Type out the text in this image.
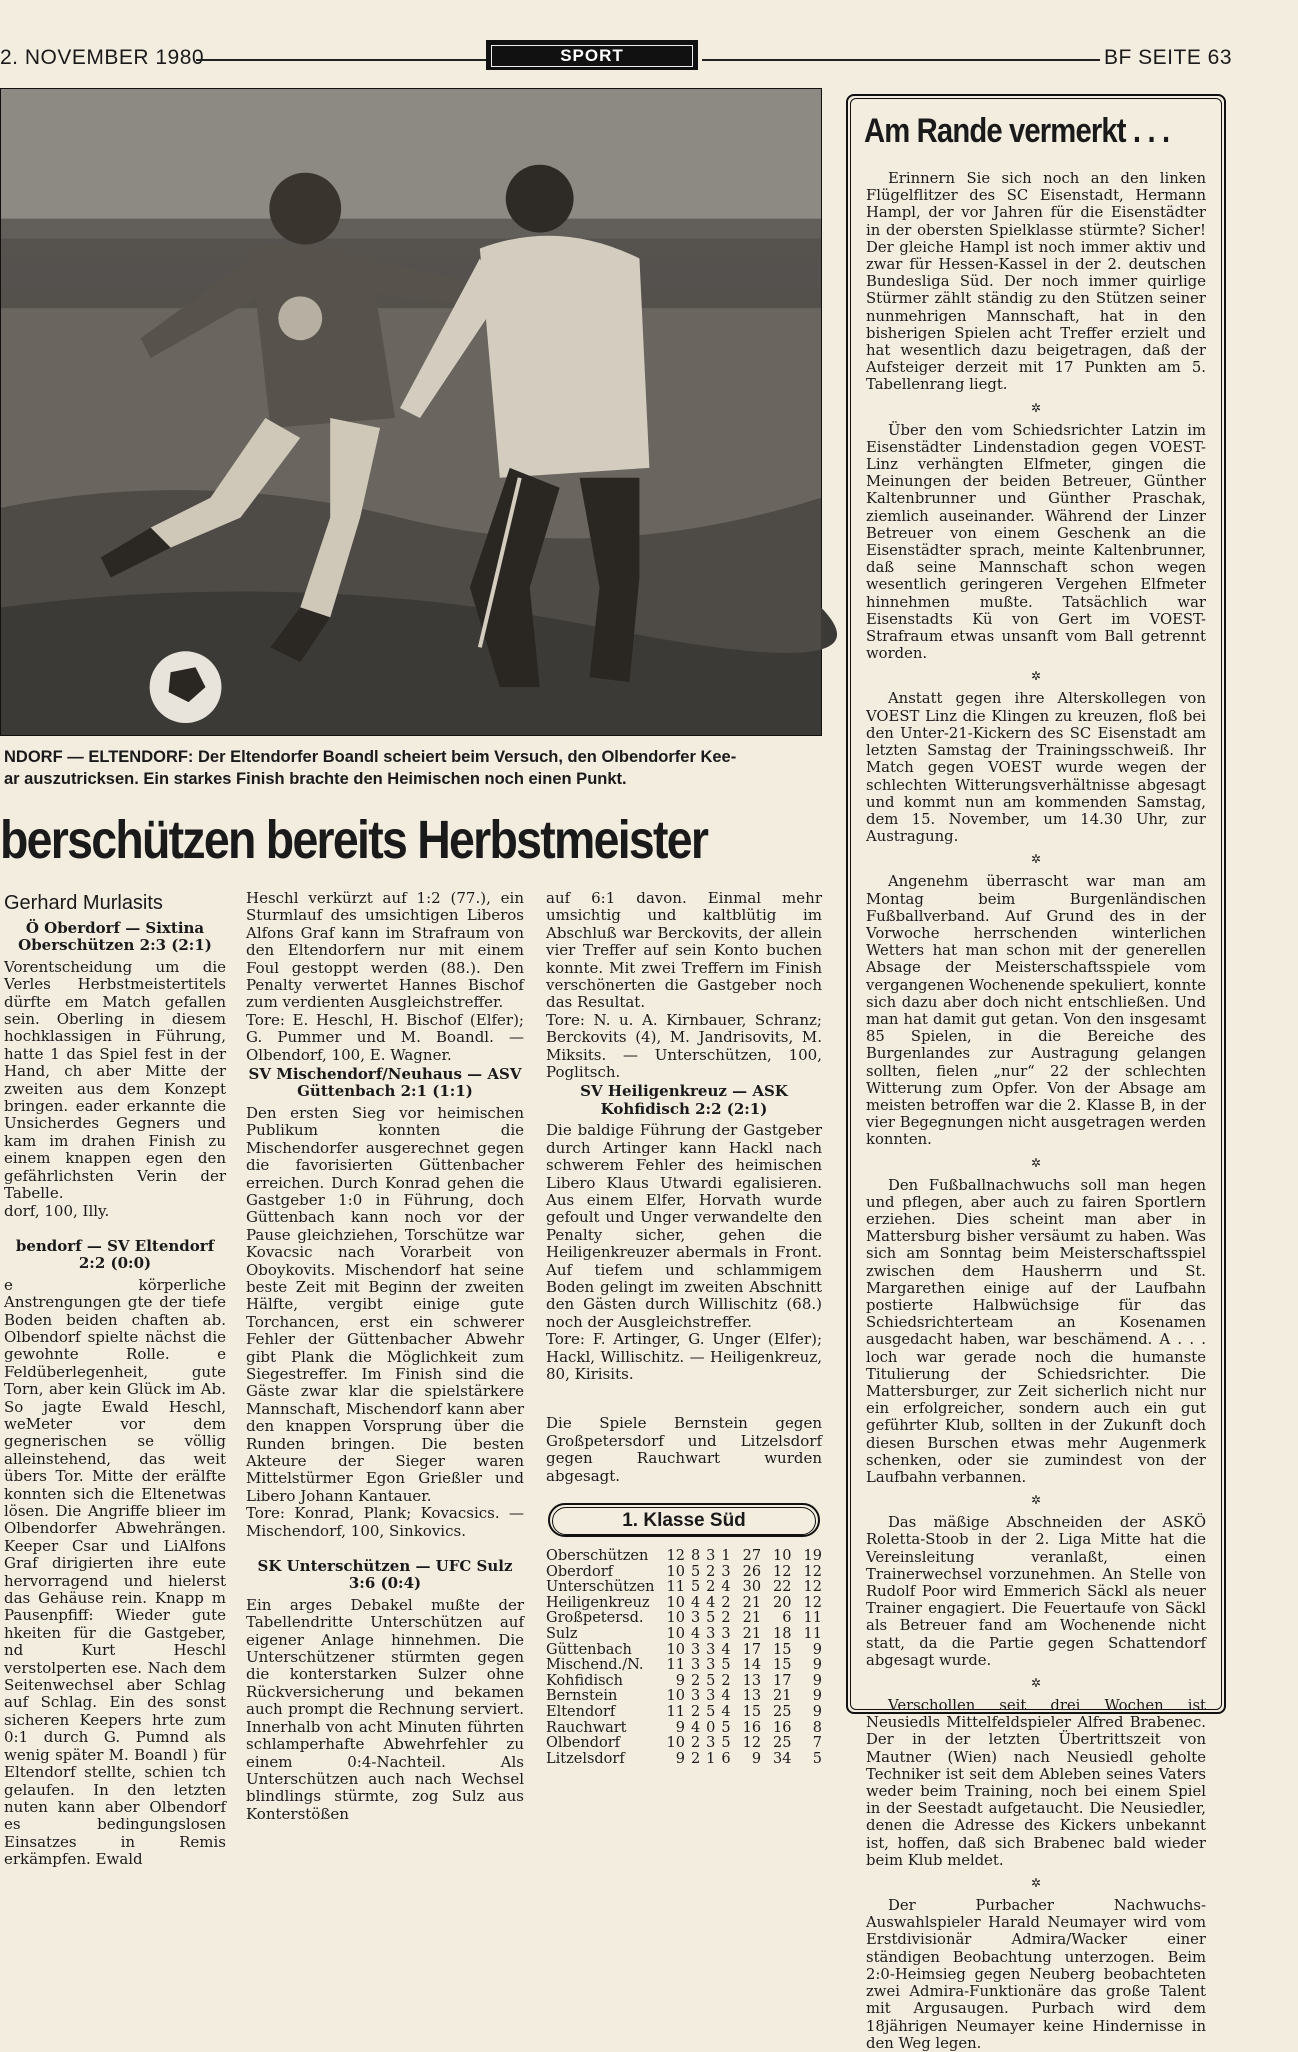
2. NOVEMBER 1980	SPORT	BF SEITE 63
NDORF — ELTENDORF: Der Eltendorfer Boandl scheiert beim Versuch, den Olbendorfer Kee-
ar auszutricksen. Ein starkes Finish brachte den Heimischen noch einen Punkt.
berschützen bereits Herbstmeister
Gerhard Murlasits
Ö Oberdorf — Sixtina Oberschützen 2:3 (2:1)

Vorentscheidung um die Verles Herbstmeistertitels dürfte em Match gefallen sein. Oberling in diesem hochklassigen in Führung, hatte 1 das Spiel fest in der Hand, ch aber Mitte der zweiten aus dem Konzept bringen. eader erkannte die Unsicherdes Gegners und kam im drahen Finish zu einem knappen egen den gefährlichsten Verin der Tabelle.

dorf, 100, Illy.

bendorf — SV Eltendorf 2:2 (0:0)

e körperliche Anstrengungen gte der tiefe Boden beiden chaften ab. Olbendorf spielte nächst die gewohnte Rolle. e Feldüberlegenheit, gute Torn, aber kein Glück im Ab. So jagte Ewald Heschl, weMeter vor dem gegnerischen se völlig alleinstehend, das weit übers Tor. Mitte der erälfte konnten sich die Eltenetwas lösen. Die Angriffe blieer im Olbendorfer Abwehrängen. Keeper Csar und LiAlfons Graf dirigierten ihre eute hervorragend und hielerst das Gehäuse rein. Knapp m Pausenpfiff: Wieder gute hkeiten für die Gastgeber, nd Kurt Heschl verstolperten ese. Nach dem Seitenwechsel aber Schlag auf Schlag. Ein des sonst sicheren Keepers hrte zum 0:1 durch G. Pumnd als wenig später M. Boandl ) für Eltendorf stellte, schien tch gelaufen. In den letzten nuten kann aber Olbendorf es bedingungslosen Einsatzes in Remis erkämpfen. Ewald

Heschl verkürzt auf 1:2 (77.), ein Sturmlauf des umsichtigen Liberos Alfons Graf kann im Strafraum von den Eltendorfern nur mit einem Foul gestoppt werden (88.). Den Penalty verwertet Hannes Bischof zum verdienten Ausgleichstreffer.

Tore: E. Heschl, H. Bischof (Elfer); G. Pummer und M. Boandl. — Olbendorf, 100, E. Wagner.

SV Mischendorf/Neuhaus — ASV Güttenbach 2:1 (1:1)

Den ersten Sieg vor heimischen Publikum konnten die Mischendorfer ausgerechnet gegen die favorisierten Güttenbacher erreichen. Durch Konrad gehen die Gastgeber 1:0 in Führung, doch Güttenbach kann noch vor der Pause gleichziehen, Torschütze war Kovacsic nach Vorarbeit von Oboykovits. Mischendorf hat seine beste Zeit mit Beginn der zweiten Hälfte, vergibt einige gute Torchancen, erst ein schwerer Fehler der Güttenbacher Abwehr gibt Plank die Möglichkeit zum Siegestreffer. Im Finish sind die Gäste zwar klar die spielstärkere Mannschaft, Mischendorf kann aber den knappen Vorsprung über die Runden bringen. Die besten Akteure der Sieger waren Mittelstürmer Egon Grießler und Libero Johann Kantauer.

Tore: Konrad, Plank; Kovacsics. — Mischendorf, 100, Sinkovics.

SK Unterschützen — UFC Sulz 3:6 (0:4)

Ein arges Debakel mußte der Tabellendritte Unterschützen auf eigener Anlage hinnehmen. Die Unterschützener stürmten gegen die konterstarken Sulzer ohne Rückversicherung und bekamen auch prompt die Rechnung serviert. Innerhalb von acht Minuten führten schlamperhafte Abwehrfehler zu einem 0:4-Nachteil. Als Unterschützen auch nach Wechsel blindlings stürmte, zog Sulz aus Konterstößen

auf 6:1 davon. Einmal mehr umsichtig und kaltblütig im Abschluß war Berckovits, der allein vier Treffer auf sein Konto buchen konnte. Mit zwei Treffern im Finish verschönerten die Gastgeber noch das Resultat.

Tore: N. u. A. Kirnbauer, Schranz; Berckovits (4), M. Jandrisovits, M. Miksits. — Unterschützen, 100, Poglitsch.

SV Heiligenkreuz — ASK Kohfidisch 2:2 (2:1)

Die baldige Führung der Gastgeber durch Artinger kann Hackl nach schwerem Fehler des heimischen Libero Klaus Utwardi egalisieren. Aus einem Elfer, Horvath wurde gefoult und Unger verwandelte den Penalty sicher, gehen die Heiligenkreuzer abermals in Front. Auf tiefem und schlammigem Boden gelingt im zweiten Abschnitt den Gästen durch Willischitz (68.) noch der Ausgleichstreffer.

Tore: F. Artinger, G. Unger (Elfer); Hackl, Willischitz. — Heiligenkreuz, 80, Kirisits.

Die Spiele Bernstein gegen Großpetersdorf und Litzelsdorf gegen Rauchwart wurden abgesagt.

1. Klasse Süd
Oberschützen	12	8	3	1	27	10	19
Oberdorf	10	5	2	3	26	12	12
Unterschützen	11	5	2	4	30	22	12
Heiligenkreuz	10	4	4	2	21	20	12
Großpetersd.	10	3	5	2	21	6	11
Sulz	10	4	3	3	21	18	11
Güttenbach	10	3	3	4	17	15	9
Mischend./N.	11	3	3	5	14	15	9
Kohfidisch	9	2	5	2	13	17	9
Bernstein	10	3	3	4	13	21	9
Eltendorf	11	2	5	4	15	25	9
Rauchwart	9	4	0	5	16	16	8
Olbendorf	10	2	3	5	12	25	7
Litzelsdorf	9	2	1	6	9	34	5
Am Rande vermerkt . . .

Erinnern Sie sich noch an den linken Flügelflitzer des SC Eisenstadt, Hermann Hampl, der vor Jahren für die Eisenstädter in der obersten Spielklasse stürmte? Sicher! Der gleiche Hampl ist noch immer aktiv und zwar für Hessen-Kassel in der 2. deutschen Bundesliga Süd. Der noch immer quirlige Stürmer zählt ständig zu den Stützen seiner nunmehrigen Mannschaft, hat in den bisherigen Spielen acht Treffer erzielt und hat wesentlich dazu beigetragen, daß der Aufsteiger derzeit mit 17 Punkten am 5. Tabellenrang liegt.

✲

Über den vom Schiedsrichter Latzin im Eisenstädter Lindenstadion gegen VOEST-Linz verhängten Elfmeter, gingen die Meinungen der beiden Betreuer, Günther Kaltenbrunner und Günther Praschak, ziemlich auseinander. Während der Linzer Betreuer von einem Geschenk an die Eisenstädter sprach, meinte Kaltenbrunner, daß seine Mannschaft schon wegen wesentlich geringeren Vergehen Elfmeter hinnehmen mußte. Tatsächlich war Eisenstadts Kü von Gert im VOEST-Strafraum etwas unsanft vom Ball getrennt worden.

✲

Anstatt gegen ihre Alterskollegen von VOEST Linz die Klingen zu kreuzen, floß bei den Unter-21-Kickern des SC Eisenstadt am letzten Samstag der Trainingsschweiß. Ihr Match gegen VOEST wurde wegen der schlechten Witterungsverhältnisse abgesagt und kommt nun am kommenden Samstag, dem 15. November, um 14.30 Uhr, zur Austragung.

✲

Angenehm überrascht war man am Montag beim Burgenländischen Fußballverband. Auf Grund des in der Vorwoche herrschenden winterlichen Wetters hat man schon mit der generellen Absage der Meisterschaftsspiele vom vergangenen Wochenende spekuliert, konnte sich dazu aber doch nicht entschließen. Und man hat damit gut getan. Von den insgesamt 85 Spielen, in die Bereiche des Burgenlandes zur Austragung gelangen sollten, fielen „nur“ 22 der schlechten Witterung zum Opfer. Von der Absage am meisten betroffen war die 2. Klasse B, in der vier Begegnungen nicht ausgetragen werden konnten.

✲

Den Fußballnachwuchs soll man hegen und pflegen, aber auch zu fairen Sportlern erziehen. Dies scheint man aber in Mattersburg bisher versäumt zu haben. Was sich am Sonntag beim Meisterschaftsspiel zwischen dem Hausherrn und St. Margarethen einige auf der Laufbahn postierte Halbwüchsige für das Schiedsrichterteam an Kosenamen ausgedacht haben, war beschämend. A . . . loch war gerade noch die humanste Titulierung der Schiedsrichter. Die Mattersburger, zur Zeit sicherlich nicht nur ein erfolgreicher, sondern auch ein gut geführter Klub, sollten in der Zukunft doch diesen Burschen etwas mehr Augenmerk schenken, oder sie zumindest von der Laufbahn verbannen.

✲

Das mäßige Abschneiden der ASKÖ Roletta-Stoob in der 2. Liga Mitte hat die Vereinsleitung veranlaßt, einen Trainerwechsel vorzunehmen. An Stelle von Rudolf Poor wird Emmerich Säckl als neuer Trainer engagiert. Die Feuertaufe von Säckl als Betreuer fand am Wochenende nicht statt, da die Partie gegen Schattendorf abgesagt wurde.

✲

Verschollen seit drei Wochen ist Neusiedls Mittelfeldspieler Alfred Brabenec. Der in der letzten Übertrittszeit von Mautner (Wien) nach Neusiedl geholte Techniker ist seit dem Ableben seines Vaters weder beim Training, noch bei einem Spiel in der Seestadt aufgetaucht. Die Neusiedler, denen die Adresse des Kickers unbekannt ist, hoffen, daß sich Brabenec bald wieder beim Klub meldet.

✲

Der Purbacher Nachwuchs-Auswahlspieler Harald Neumayer wird vom Erstdivisionär Admira/Wacker einer ständigen Beobachtung unterzogen. Beim 2:0-Heimsieg gegen Neuberg beobachteten zwei Admira-Funktionäre das große Talent mit Argusaugen. Purbach wird dem 18jährigen Neumayer keine Hindernisse in den Weg legen.
